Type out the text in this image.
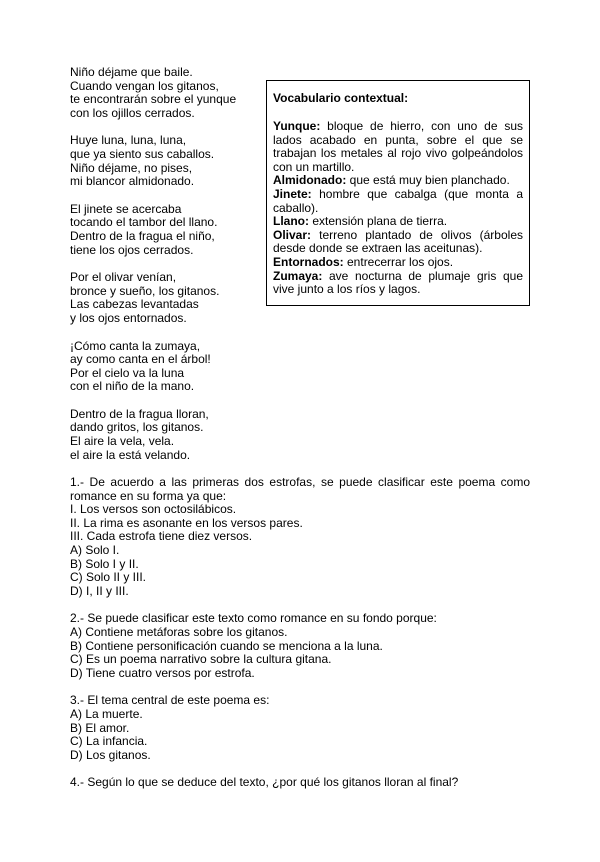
Niño déjame que baile.
Cuando vengan los gitanos,
te encontrarán sobre el yunque
con los ojillos cerrados.
Huye luna, luna, luna,
que ya siento sus caballos.
Niño déjame, no pises,
mi blancor almidonado.
El jinete se acercaba
tocando el tambor del llano.
Dentro de la fragua el niño,
tiene los ojos cerrados.
Por el olivar venían,
bronce y sueño, los gitanos.
Las cabezas levantadas
y los ojos entornados.
¡Cómo canta la zumaya,
ay como canta en el árbol!
Por el cielo va la luna
con el niño de la mano.
Dentro de la fragua lloran,
dando gritos, los gitanos.
El aire la vela, vela.
el aire la está velando.
Vocabulario contextual:

Yunque: bloque de hierro, con uno de sus lados acabado en punta, sobre el que se trabajan los metales al rojo vivo golpeándolos con un martillo.

Almidonado: que está muy bien planchado.

Jinete: hombre que cabalga (que monta a caballo).

Llano: extensión plana de tierra.

Olivar: terreno plantado de olivos (árboles desde donde se extraen las aceitunas).

Entornados: entrecerrar los ojos.

Zumaya: ave nocturna de plumaje gris que vive junto a los ríos y lagos.

1.- De acuerdo a las primeras dos estrofas, se puede clasificar este poema como romance en su forma ya que:

I. Los versos son octosilábicos.
II. La rima es asonante en los versos pares.
III. Cada estrofa tiene diez versos.
A) Solo I.
B) Solo I y II.
C) Solo II y III.
D) I, II y III.

2.- Se puede clasificar este texto como romance en su fondo porque:

A) Contiene metáforas sobre los gitanos.
B) Contiene personificación cuando se menciona a la luna.
C) Es un poema narrativo sobre la cultura gitana.
D) Tiene cuatro versos por estrofa.

3.- El tema central de este poema es:

A) La muerte.
B) El amor.
C) La infancia.
D) Los gitanos.

4.- Según lo que se deduce del texto, ¿por qué los gitanos lloran al final?
